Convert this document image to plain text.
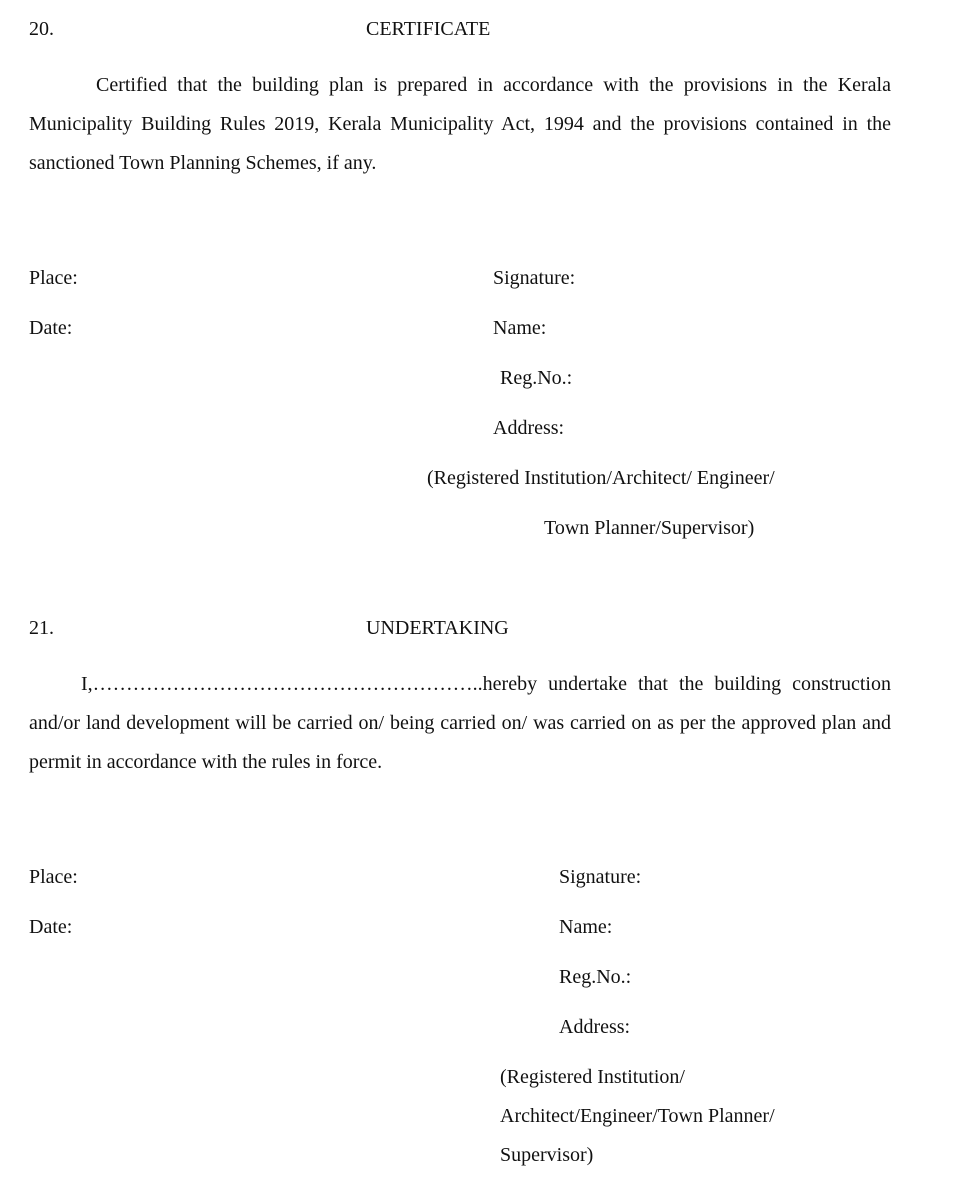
20.	CERTIFICATE
Certified that the building plan is prepared in accordance with the provisions in the Kerala Municipality Building Rules 2019, Kerala Municipality Act, 1994 and the provisions contained in the sanctioned Town Planning Schemes, if any.
Place:
Date:
Signature:
Name:
Reg.No.:
Address:
(Registered Institution/Architect/ Engineer/
Town Planner/Supervisor)
21.	UNDERTAKING
I,…………………………………………………..hereby undertake that the building construction and/or land development will be carried on/ being carried on/ was carried on as per the approved plan and permit in accordance with the rules in force.
Place:
Date:
Signature:
Name:
Reg.No.:
Address:
(Registered Institution/
Architect/Engineer/Town Planner/
Supervisor)
